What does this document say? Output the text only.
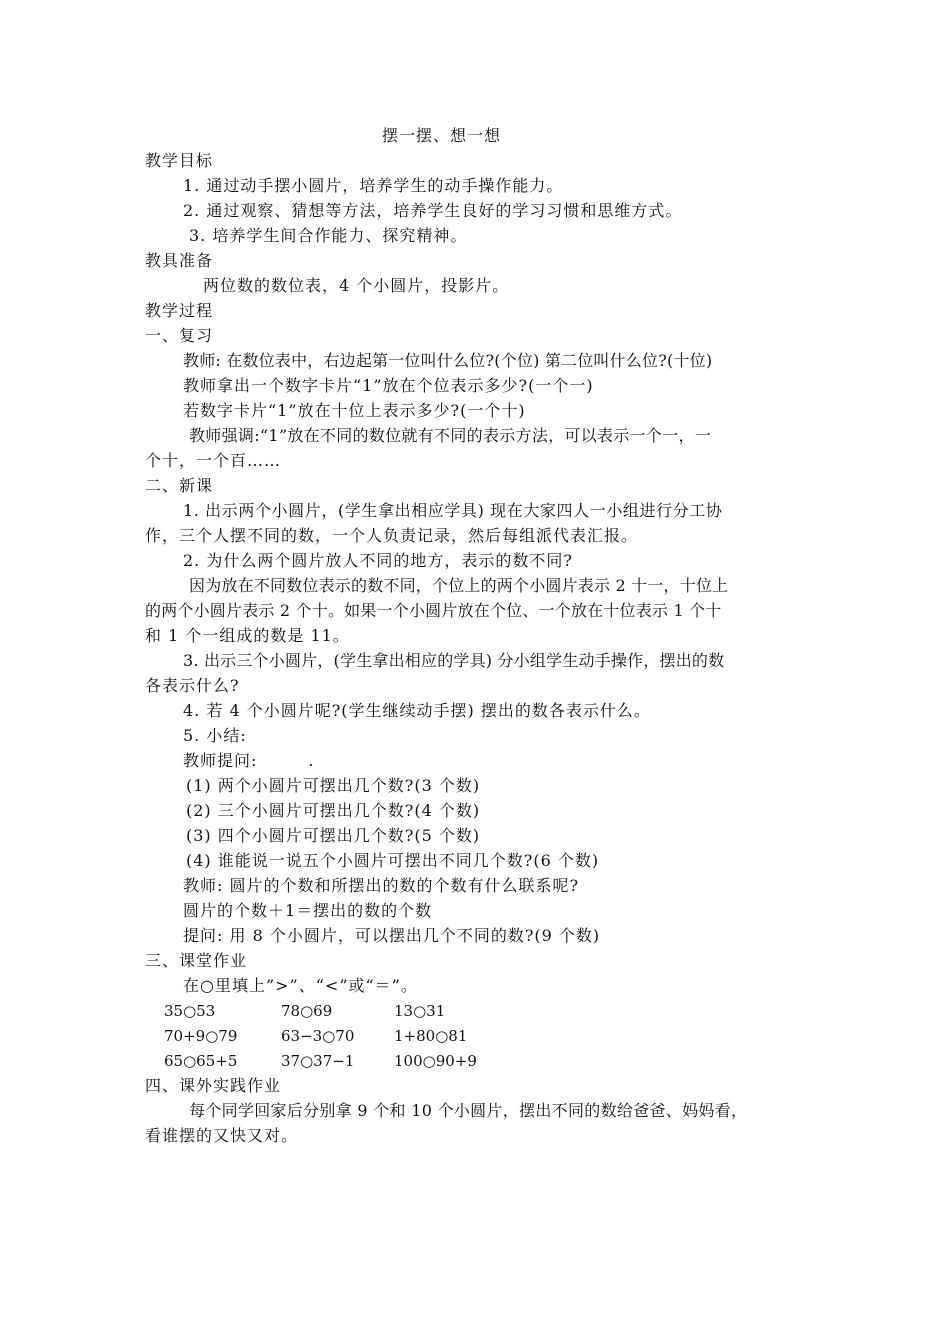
摆一摆、想一想
教学目标
1. 通过动手摆小圆片，培养学生的动手操作能力。
2. 通过观察、猜想等方法，培养学生良好的学习习惯和思维方式。
3. 培养学生间合作能力、探究精神。
教具准备
两位数的数位表，4 个小圆片，投影片。
教学过程
一、复习
教师: 在数位表中，右边起第一位叫什么位?(个位) 第二位叫什么位?(十位)
教师拿出一个数字卡片“1”放在个位表示多少?(一个一)
若数字卡片“1”放在十位上表示多少?(一个十)
教师强调:“1”放在不同的数位就有不同的表示方法，可以表示一个一，一
个十，一个百……
二、新课
1. 出示两个小圆片，(学生拿出相应学具) 现在大家四人一小组进行分工协
作，三个人摆不同的数，一个人负责记录，然后每组派代表汇报。
2. 为什么两个圆片放人不同的地方，表示的数不同?
因为放在不同数位表示的数不同，个位上的两个小圆片表示 2 十一，十位上
的两个小圆片表示 2 个十。如果一个小圆片放在个位、一个放在十位表示 1 个十
和 1 个一组成的数是 11。
3. 出示三个小圆片，(学生拿出相应的学具) 分小组学生动手操作，摆出的数
各表示什么?
4. 若 4 个小圆片呢?(学生继续动手摆) 摆出的数各表示什么。
5. 小结:
教师提问:　　　.
(1) 两个小圆片可摆出几个数?(3 个数)
(2) 三个小圆片可摆出几个数?(4 个数)
(3) 四个小圆片可摆出几个数?(5 个数)
(4) 谁能说一说五个小圆片可摆出不同几个数?(6 个数)
教师: 圆片的个数和所摆出的数的个数有什么联系呢?
圆片的个数＋1＝摆出的数的个数
提问: 用 8 个小圆片，可以摆出几个不同的数?(9 个数)
三、课堂作业
在○里填上”>”、“<”或“＝”。
35○53	78○69	13○31
70+9○79	63−3○70	1+80○81
65○65+5	37○37−1	100○90+9
四、课外实践作业
每个同学回家后分别拿 9 个和 10 个小圆片，摆出不同的数给爸爸、妈妈看，
看谁摆的又快又对。
